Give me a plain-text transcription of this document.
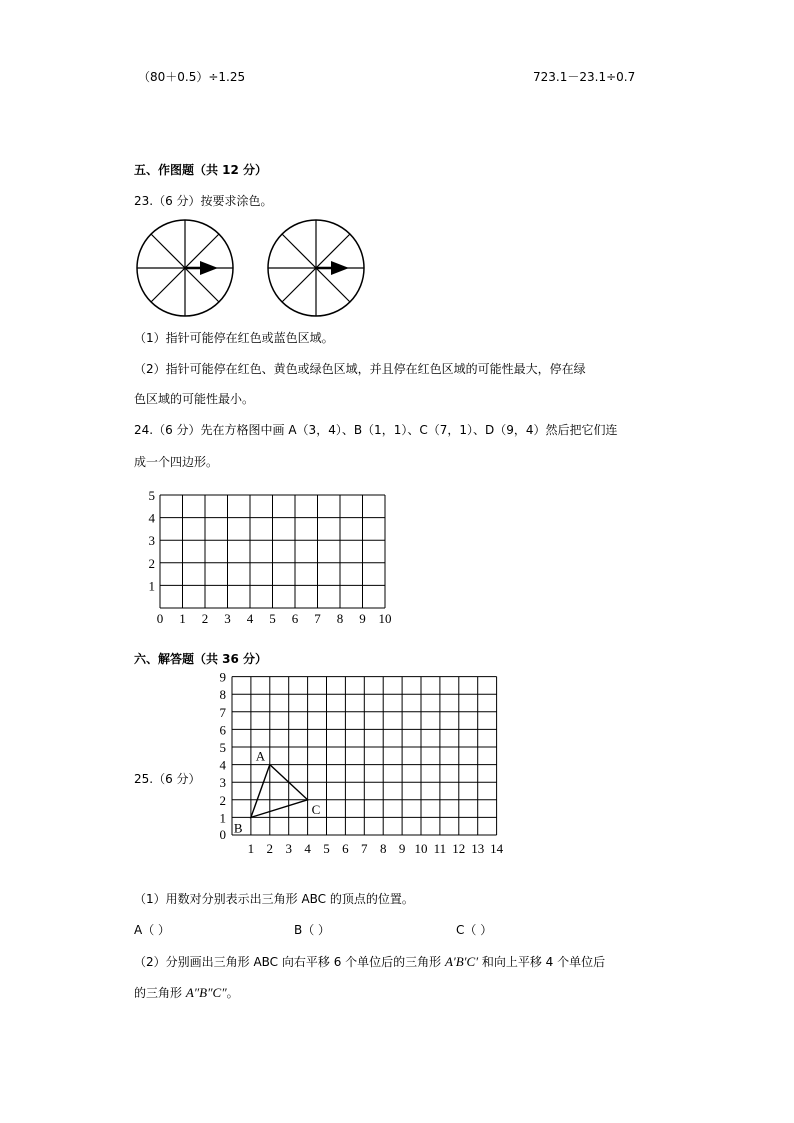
（80＋0.5）÷1.25	723.1－23.1÷0.7
五、作图题（共 12 分）
23.（6 分）按要求涂色。
（1）指针可能停在红色或蓝色区域。
（2）指针可能停在红色、黄色或绿色区域，并且停在红色区域的可能性最大，停在绿
色区域的可能性最小。
24.（6 分）先在方格图中画 A（3，4）、B（1，1）、C（7，1）、D（9，4）然后把它们连
成一个四边形。
0 1 2 3 4 5 6 7 8 9 10
1
2
3
4
5
六、解答题（共 36 分）
25.（6 分）
1 2 3 4 5 6 7 8 9 10 11 12 13 14
0
1
2
3
4
5
6
7
8
9
A
B
C
（1）用数对分别表示出三角形 ABC 的顶点的位置。
A（ ）	B（ ）	C（ ）
（2）分别画出三角形 ABC 向右平移 6 个单位后的三角形 A′B′C′ 和向上平移 4 个单位后
的三角形 A″B″C″。
